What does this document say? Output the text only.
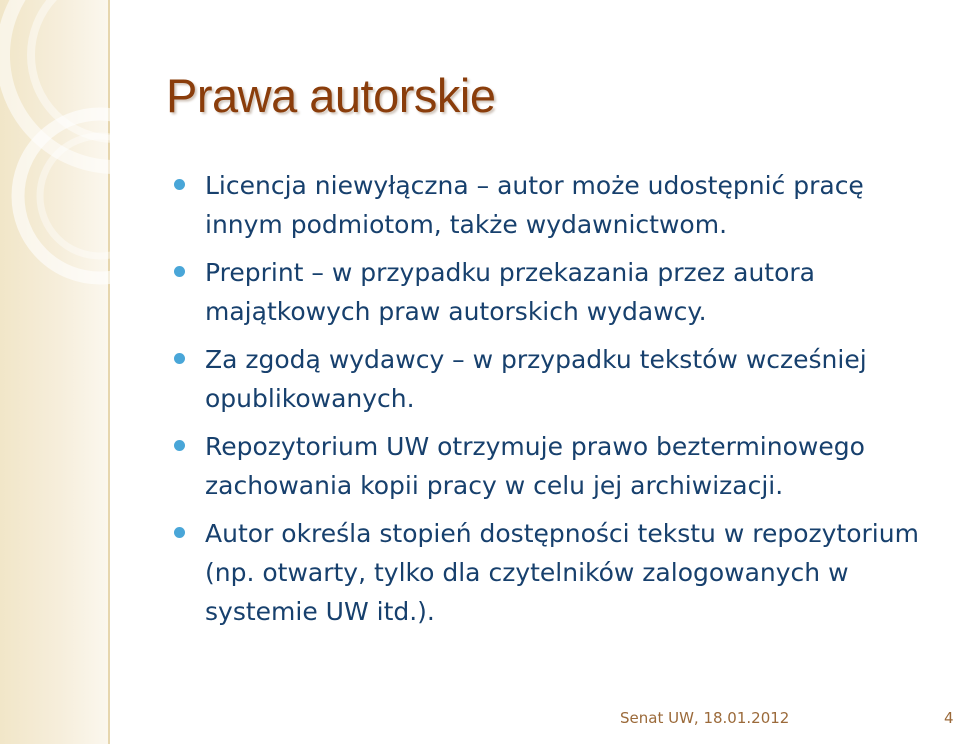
Prawa autorskie
Licencja niewyłączna – autor może udostępnić pracę innym podmiotom, także wydawnictwom.
Preprint – w przypadku przekazania przez autora majątkowych praw autorskich wydawcy.
Za zgodą wydawcy – w przypadku tekstów wcześniej opublikowanych.
Repozytorium UW otrzymuje prawo bezterminowego zachowania kopii pracy w celu jej archiwizacji.
Autor określa stopień dostępności tekstu w repozytorium (np. otwarty, tylko dla czytelników zalogowanych w systemie UW itd.).
Senat UW, 18.01.2012	4
